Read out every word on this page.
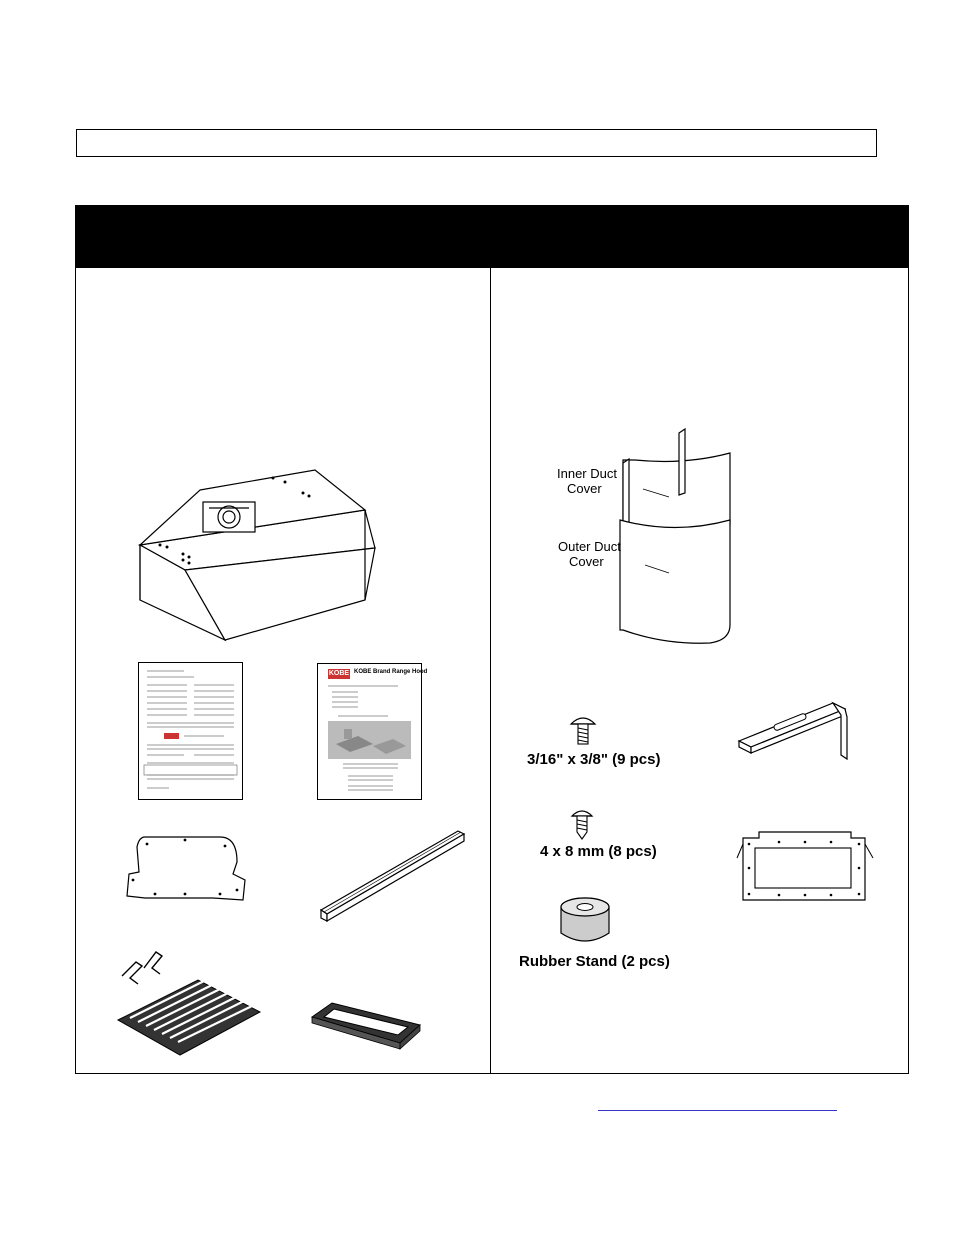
KOBE KOBE Brand Range Hood
Inner Duct
Cover
Outer Duct
Cover
3/16" x 3/8" (9 pcs)
4 x 8 mm (8 pcs)
Rubber Stand (2 pcs)
